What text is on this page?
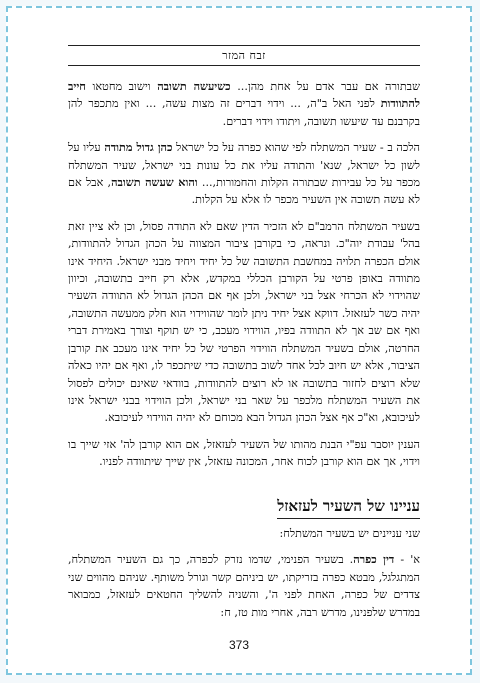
זבח המזר

שבתורה אם עבר אדם על אחת מהן... כשיעשה תשובה וישוב מחטאו חייב להתוודות לפני האל ב"ה, ... וידוי דברים זה מצות עשה, ... ואין מתכפר להן בקרבנם עד שיעשו תשובה, ויתודו וידוי דברים.

הלכה ב - שעיר המשתלח לפי שהוא כפרה על כל ישראל כהן גדול מתודה עליו על לשון כל ישראל, שנא' והתודה עליו את כל עונות בני ישראל, שעיר המשתלח מכפר על כל עבירות שבתורה הקלות והחמורות,... והוא שעשה תשובה, אבל אם לא עשה תשובה אין השעיר מכפר לו אלא על הקלות.

בשעיר המשתלח הרמב"ם לא הזכיר הדין שאם לא התודה פסול, וכן לא ציין זאת בהל' עבודת יוה"כ. ונראה, כי בקורבן ציבור המצווה על הכהן הגדול להתוודות, אולם הכפרה תלויה במחשבת התשובה של כל יחיד ויחיד מבני ישראל. היחיד אינו מתוודה באופן פרטי על הקורבן הכללי במקדש, אלא רק חייב בתשובה, וכיוון שהוידוי לא הכרחי אצל בני ישראל, ולכן אף אם הכהן הגדול לא התוודה השעיר יהיה כשר לעזאזל. דווקא אצל יחיד ניתן לומר שהווידוי הוא חלק ממעשה התשובה, ואף אם שב אך לא התוודה בפיו, הווידוי מעכב, כי יש תוקף וצורך באמירת דברי החרטה, אולם בשעיר המשתלח הווידוי הפרטי של כל יחיד אינו מעכב את קורבן הציבור, אלא יש חיוב לכל אחד לשוב בתשובה כדי שיתכפר לו, ואף אם יהיו כאלה שלא רוצים לחזור בתשובה או לא רוצים להתוודות, בוודאי שאינם יכולים לפסול את השעיר המשתלח מלכפר על שאר בני ישראל, ולכן הווידוי בבני ישראל אינו לעיכובא, וא"כ אף אצל הכהן הגדול הבא מכוחם לא יהיה הווידוי לעיכובא.

הענין יוסבר עפ"י הבנת מהותו של השעיר לעזאזל, אם הוא קורבן לה' אזי שייך בו וידוי, אך אם הוא קורבן לכוח אחר, המכונה עזאזל, אין שייך שיתוודה לפניו.

עניינו של השעיר לעזאזל

שני עניינים יש בשעיר המשתלח:

א' - דין כפרה. בשעיר הפנימי, שדמו נזרק לכפרה, כך גם השעיר המשתלח, המתגלגל, מבטא כפרה בזריקתו, יש ביניהם קשר וגורל משותף. שניהם מהווים שני צדדים של כפרה, האחת לפני ה', והשניה להשליך החטאים לעזאזל, כמבואר במדרש שלפנינו, מדרש רבה, אחרי מות טז, ח:

373
